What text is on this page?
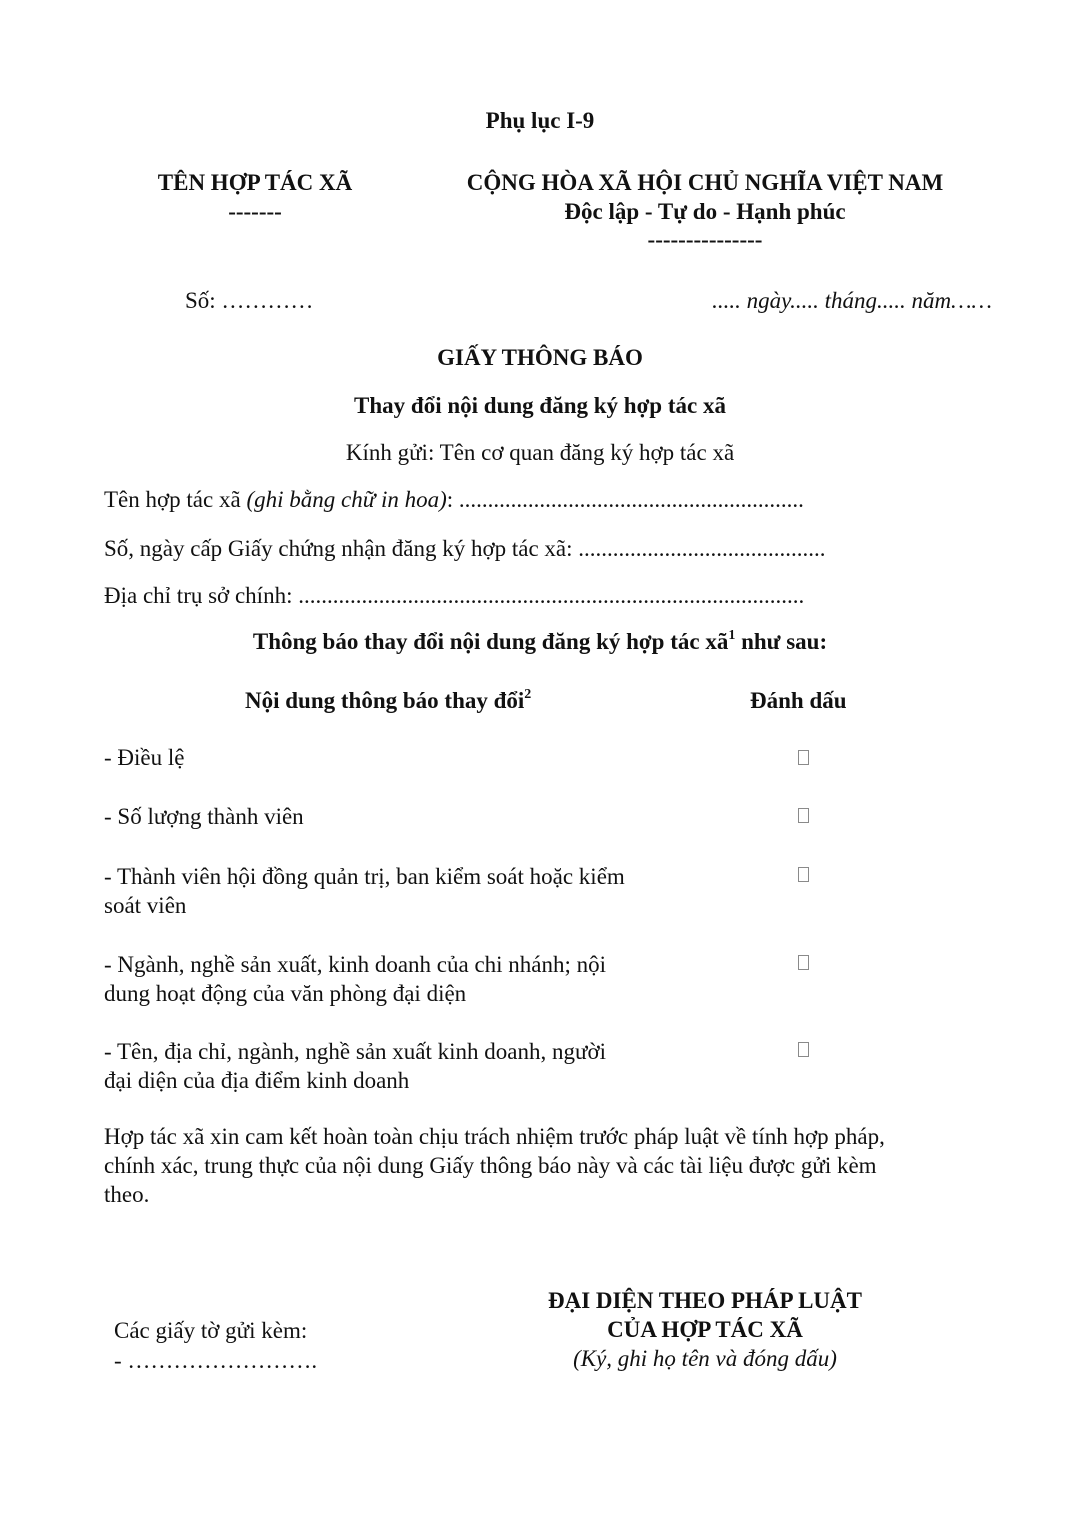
Phụ lục I-9
TÊN HỢP TÁC XÃ
-------
CỘNG HÒA XÃ HỘI CHỦ NGHĨA VIỆT NAM
Độc lập - Tự do - Hạnh phúc
---------------
Số: …………	..... ngày..... tháng..... năm……
GIẤY THÔNG BÁO
Thay đổi nội dung đăng ký hợp tác xã
Kính gửi: Tên cơ quan đăng ký hợp tác xã
Tên hợp tác xã (ghi bằng chữ in hoa): ............................................................
Số, ngày cấp Giấy chứng nhận đăng ký hợp tác xã: ...........................................
Địa chỉ trụ sở chính: ........................................................................................
Thông báo thay đổi nội dung đăng ký hợp tác $xã^1$ như sau:
Nội dung thông báo thay đổi$^2$	Đánh dấu
- Điều lệ
- Số lượng thành viên
- Thành viên hội đồng quản trị, ban kiểm soát hoặc kiểm
soát viên
- Ngành, nghề sản xuất, kinh doanh của chi nhánh; nội
dung hoạt động của văn phòng đại diện
- Tên, địa chỉ, ngành, nghề sản xuất kinh doanh, người
đại diện của địa điểm kinh doanh
Hợp tác xã xin cam kết hoàn toàn chịu trách nhiệm trước pháp luật về tính hợp pháp,
chính xác, trung thực của nội dung Giấy thông báo này và các tài liệu được gửi kèm
theo.
Các giấy tờ gửi kèm:
- …………………….
ĐẠI DIỆN THEO PHÁP LUẬT
CỦA HỢP TÁC XÃ
(Ký, ghi họ tên và đóng dấu)
